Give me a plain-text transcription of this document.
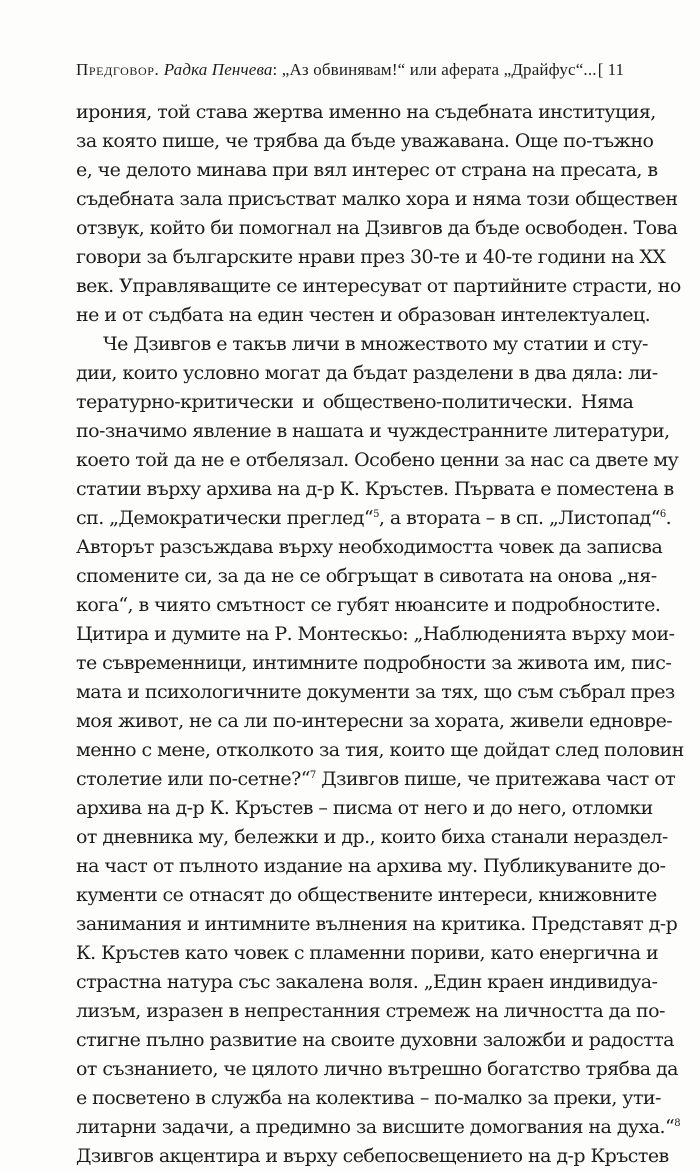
Предговор. Радка Пенчева: „Аз обвинявам!“ или аферата „Драйфус“... [ 11
ирония, той става жертва именно на съдебната институция,
за която пише, че трябва да бъде уважавана. Още по-тъжно
е, че делото минава при вял интерес от страна на пресата, в
съдебната зала присъстват малко хора и няма този обществен
отзвук, който би помогнал на Дзивгов да бъде освободен. Това
говори за българските нрави през 30-те и 40-те години на XX
век. Управляващите се интересуват от партийните страсти, но
не и от съдбата на един честен и образован интелектуалец.
Че Дзивгов е такъв личи в множеството му статии и сту-
дии, които условно могат да бъдат разделени в два дяла: ли-
тературно-критически и обществено-политически. Няма
по-значимо явление в нашата и чуждестранните литератури,
което той да не е отбелязал. Особено ценни за нас са двете му
статии върху архива на д-р К. Кръстев. Първата е поместена в
сп. „Демократически преглед“$^5$, а втората – в сп. „Листопад“$^6$.
Авторът разсъждава върху необходимостта човек да записва
спомените си, за да не се обгръщат в сивотата на онова „ня-
кога“, в чиято смътност се губят нюансите и подробностите.
Цитира и думите на Р. Монтескьо: „Наблюденията върху мои-
те съвременници, интимните подробности за живота им, пис-
мата и психологичните документи за тях, що съм събрал през
моя живот, не са ли по-интересни за хората, живели едновре-
менно с мене, отколкото за тия, които ще дойдат след половин
столетие или по-сетне?“$^7$ Дзивгов пише, че притежава част от
архива на д-р К. Кръстев – писма от него и до него, отломки
от дневника му, бележки и др., които биха станали нераздел-
на част от пълното издание на архива му. Публикуваните до-
кументи се отнасят до обществените интереси, книжовните
занимания и интимните вълнения на критика. Представят д-р
К. Кръстев като човек с пламенни пориви, като енергична и
страстна натура със закалена воля. „Един краен индивидуа-
лизъм, изразен в непрестанния стремеж на личността да по-
стигне пълно развитие на своите духовни заложби и радостта
от съзнанието, че цялото лично вътрешно богатство трябва да
е посветено в служба на колектива – по-малко за преки, ути-
литарни задачи, а предимно за висшите домогвания на духа.“$^8$
Дзивгов акцентира и върху себепосвещението на д-р Кръстев
